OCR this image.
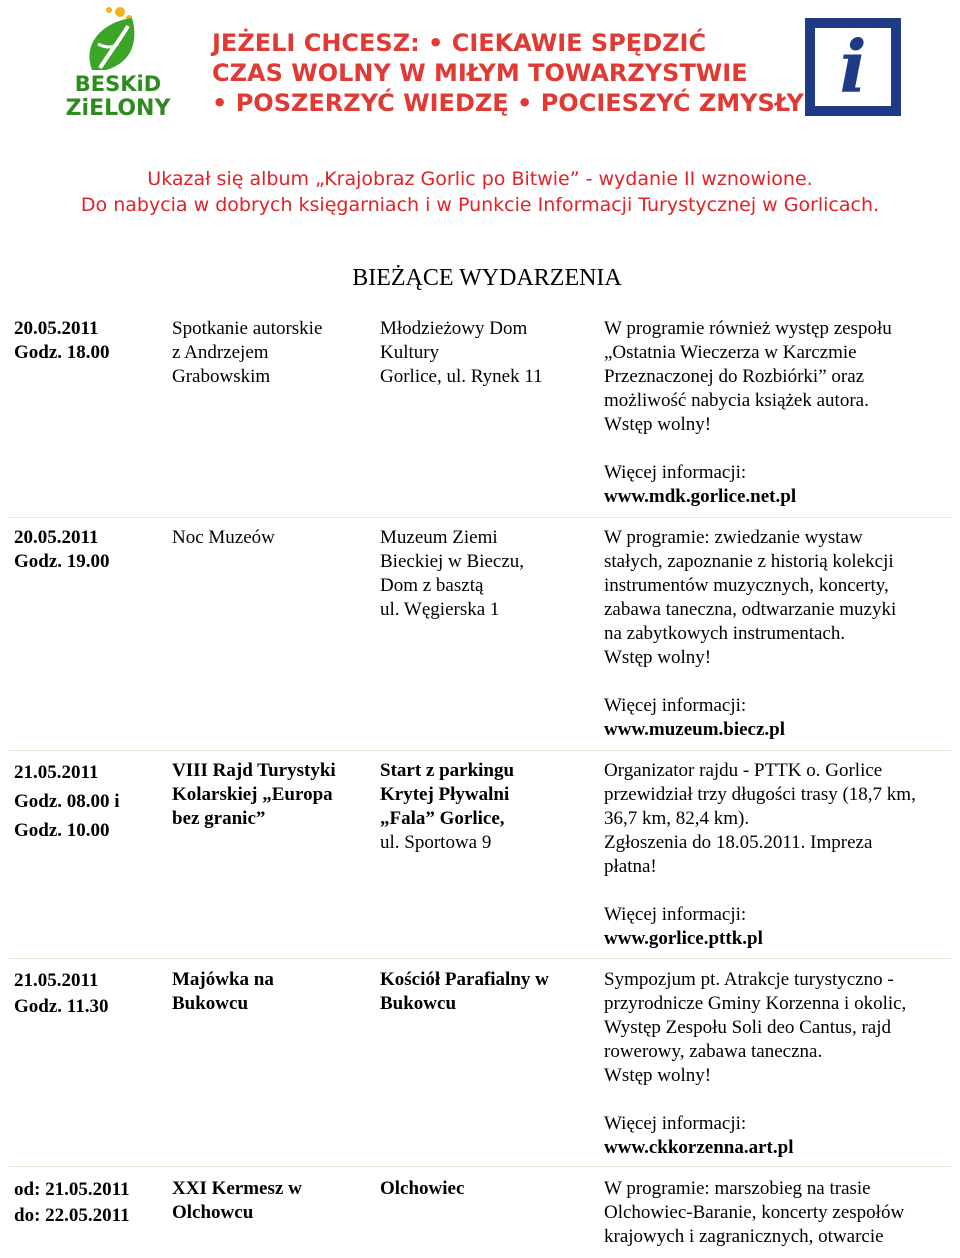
BESKiD
ZiELONY
JEŻELI CHCESZ: • CIEKAWIE SPĘDZIĆ
CZAS WOLNY W MIŁYM TOWARZYSTWIE
• POSZERZYĆ WIEDZĘ • POCIESZYĆ ZMYSŁY i
Ukazał się album „Krajobraz Gorlic po Bitwie” - wydanie II wznowione.
Do nabycia w dobrych księgarniach i w Punkcie Informacji Turystycznej w Gorlicach.
BIEŻĄCE WYDARZENIA
20.05.2011
Godz. 18.00
Spotkanie autorskie
z Andrzejem
Grabowskim
Młodzieżowy Dom
Kultury
Gorlice, ul. Rynek 11
W programie również występ zespołu
„Ostatnia Wieczerza w Karczmie
Przeznaczonej do Rozbiórki” oraz
możliwość nabycia książek autora.
Wstęp wolny!
Więcej informacji:
www.mdk.gorlice.net.pl
20.05.2011
Godz. 19.00
Noc Muzeów	Muzeum Ziemi
Bieckiej w Bieczu,
Dom z basztą
ul. Węgierska 1
W programie: zwiedzanie wystaw
stałych, zapoznanie z historią kolekcji
instrumentów muzycznych, koncerty,
zabawa taneczna, odtwarzanie muzyki
na zabytkowych instrumentach.
Wstęp wolny!
Więcej informacji:
www.muzeum.biecz.pl
21.05.2011
Godz. 08.00 i
Godz. 10.00
VIII Rajd Turystyki
Kolarskiej „Europa
bez granic”
Start z parkingu
Krytej Pływalni
„Fala” Gorlice,
ul. Sportowa 9
Organizator rajdu - PTTK o. Gorlice
przewidział trzy długości trasy (18,7 km,
36,7 km, 82,4 km).
Zgłoszenia do 18.05.2011. Impreza
płatna!
Więcej informacji:
www.gorlice.pttk.pl
21.05.2011
Godz. 11.30
Majówka na
Bukowcu
Kościół Parafialny w
Bukowcu
Sympozjum pt. Atrakcje turystyczno -
przyrodnicze Gminy Korzenna i okolic,
Występ Zespołu Soli deo Cantus, rajd
rowerowy, zabawa taneczna.
Wstęp wolny!
Więcej informacji:
www.ckkorzenna.art.pl
od: 21.05.2011
do: 22.05.2011
XXI Kermesz w
Olchowcu
Olchowiec	W programie: marszobieg na trasie
Olchowiec-Baranie, koncerty zespołów
krajowych i zagranicznych, otwarcie
